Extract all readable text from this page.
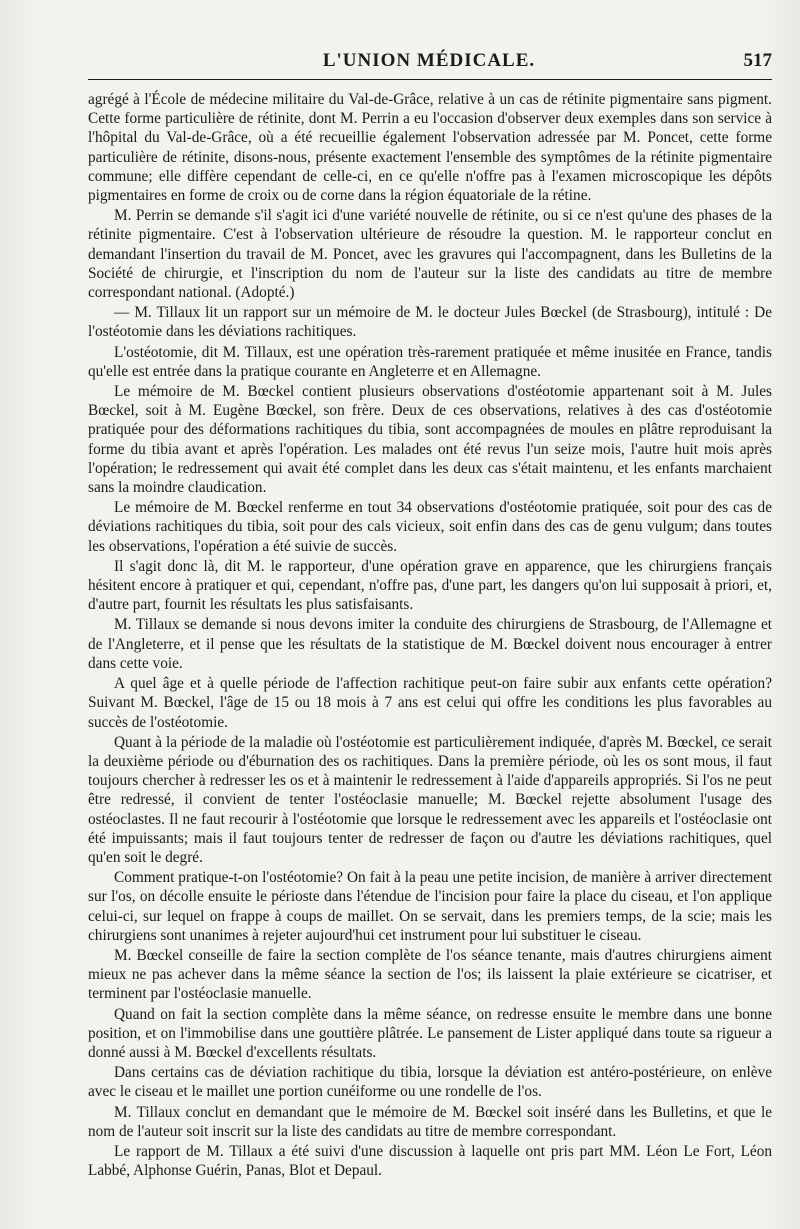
L'UNION MÉDICALE.	517

agrégé à l'École de médecine militaire du Val-de-Grâce, relative à un cas de rétinite pigmentaire sans pigment. Cette forme particulière de rétinite, dont M. Perrin a eu l'occasion d'observer deux exemples dans son service à l'hôpital du Val-de-Grâce, où a été recueillie également l'observation adressée par M. Poncet, cette forme particulière de rétinite, disons-nous, présente exactement l'ensemble des symptômes de la rétinite pigmentaire commune; elle diffère cependant de celle-ci, en ce qu'elle n'offre pas à l'examen microscopique les dépôts pigmentaires en forme de croix ou de corne dans la région équatoriale de la rétine.

M. Perrin se demande s'il s'agit ici d'une variété nouvelle de rétinite, ou si ce n'est qu'une des phases de la rétinite pigmentaire. C'est à l'observation ultérieure de résoudre la question. M. le rapporteur conclut en demandant l'insertion du travail de M. Poncet, avec les gravures qui l'accompagnent, dans les Bulletins de la Société de chirurgie, et l'inscription du nom de l'auteur sur la liste des candidats au titre de membre correspondant national. (Adopté.)

— M. Tillaux lit un rapport sur un mémoire de M. le docteur Jules Bœckel (de Strasbourg), intitulé : De l'ostéotomie dans les déviations rachitiques.

L'ostéotomie, dit M. Tillaux, est une opération très-rarement pratiquée et même inusitée en France, tandis qu'elle est entrée dans la pratique courante en Angleterre et en Allemagne.

Le mémoire de M. Bœckel contient plusieurs observations d'ostéotomie appartenant soit à M. Jules Bœckel, soit à M. Eugène Bœckel, son frère. Deux de ces observations, relatives à des cas d'ostéotomie pratiquée pour des déformations rachitiques du tibia, sont accompagnées de moules en plâtre reproduisant la forme du tibia avant et après l'opération. Les malades ont été revus l'un seize mois, l'autre huit mois après l'opération; le redressement qui avait été complet dans les deux cas s'était maintenu, et les enfants marchaient sans la moindre claudication.

Le mémoire de M. Bœckel renferme en tout 34 observations d'ostéotomie pratiquée, soit pour des cas de déviations rachitiques du tibia, soit pour des cals vicieux, soit enfin dans des cas de genu vulgum; dans toutes les observations, l'opération a été suivie de succès.

Il s'agit donc là, dit M. le rapporteur, d'une opération grave en apparence, que les chirurgiens français hésitent encore à pratiquer et qui, cependant, n'offre pas, d'une part, les dangers qu'on lui supposait à priori, et, d'autre part, fournit les résultats les plus satisfaisants.

M. Tillaux se demande si nous devons imiter la conduite des chirurgiens de Strasbourg, de l'Allemagne et de l'Angleterre, et il pense que les résultats de la statistique de M. Bœckel doivent nous encourager à entrer dans cette voie.

A quel âge et à quelle période de l'affection rachitique peut-on faire subir aux enfants cette opération? Suivant M. Bœckel, l'âge de 15 ou 18 mois à 7 ans est celui qui offre les conditions les plus favorables au succès de l'ostéotomie.

Quant à la période de la maladie où l'ostéotomie est particulièrement indiquée, d'après M. Bœckel, ce serait la deuxième période ou d'éburnation des os rachitiques. Dans la première période, où les os sont mous, il faut toujours chercher à redresser les os et à maintenir le redressement à l'aide d'appareils appropriés. Si l'os ne peut être redressé, il convient de tenter l'ostéoclasie manuelle; M. Bœckel rejette absolument l'usage des ostéoclastes. Il ne faut recourir à l'ostéotomie que lorsque le redressement avec les appareils et l'ostéoclasie ont été impuissants; mais il faut toujours tenter de redresser de façon ou d'autre les déviations rachitiques, quel qu'en soit le degré.

Comment pratique-t-on l'ostéotomie? On fait à la peau une petite incision, de manière à arriver directement sur l'os, on décolle ensuite le périoste dans l'étendue de l'incision pour faire la place du ciseau, et l'on applique celui-ci, sur lequel on frappe à coups de maillet. On se servait, dans les premiers temps, de la scie; mais les chirurgiens sont unanimes à rejeter aujourd'hui cet instrument pour lui substituer le ciseau.

M. Bœckel conseille de faire la section complète de l'os séance tenante, mais d'autres chirurgiens aiment mieux ne pas achever dans la même séance la section de l'os; ils laissent la plaie extérieure se cicatriser, et terminent par l'ostéoclasie manuelle.

Quand on fait la section complète dans la même séance, on redresse ensuite le membre dans une bonne position, et on l'immobilise dans une gouttière plâtrée. Le pansement de Lister appliqué dans toute sa rigueur a donné aussi à M. Bœckel d'excellents résultats.

Dans certains cas de déviation rachitique du tibia, lorsque la déviation est antéro-postérieure, on enlève avec le ciseau et le maillet une portion cunéiforme ou une rondelle de l'os.

M. Tillaux conclut en demandant que le mémoire de M. Bœckel soit inséré dans les Bulletins, et que le nom de l'auteur soit inscrit sur la liste des candidats au titre de membre correspondant.

Le rapport de M. Tillaux a été suivi d'une discussion à laquelle ont pris part MM. Léon Le Fort, Léon Labbé, Alphonse Guérin, Panas, Blot et Depaul.
